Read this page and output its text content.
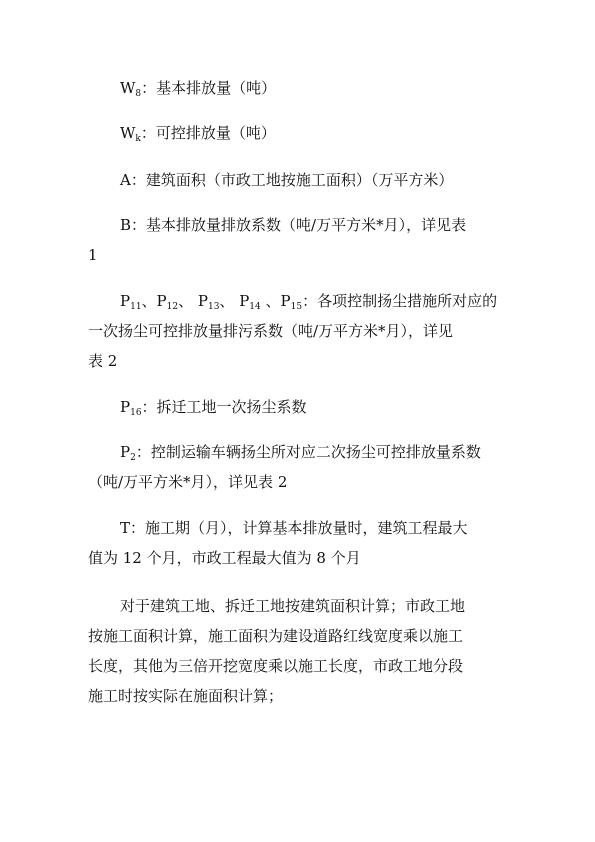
$W_8$：基本排放量（吨）
$W_k$：可控排放量（吨）
A：建筑面积（市政工地按施工面积）（万平方米）
B：基本排放量排放系数（吨/万平方米*月），详见表
1
$P_{11}$、$P_{12}$、 $P_{13}$、 $P_{14}$ 、$P_{15}$：各项控制扬尘措施所对应的
一次扬尘可控排放量排污系数（吨/万平方米*月），详见
表 2
$P_{16}$：拆迁工地一次扬尘系数
$P_2$：控制运输车辆扬尘所对应二次扬尘可控排放量系数
（吨/万平方米*月），详见表 2
T：施工期（月），计算基本排放量时，建筑工程最大
值为 12 个月，市政工程最大值为 8 个月
对于建筑工地、拆迁工地按建筑面积计算；市政工地
按施工面积计算，施工面积为建设道路红线宽度乘以施工
长度，其他为三倍开挖宽度乘以施工长度，市政工地分段
施工时按实际在施面积计算；
